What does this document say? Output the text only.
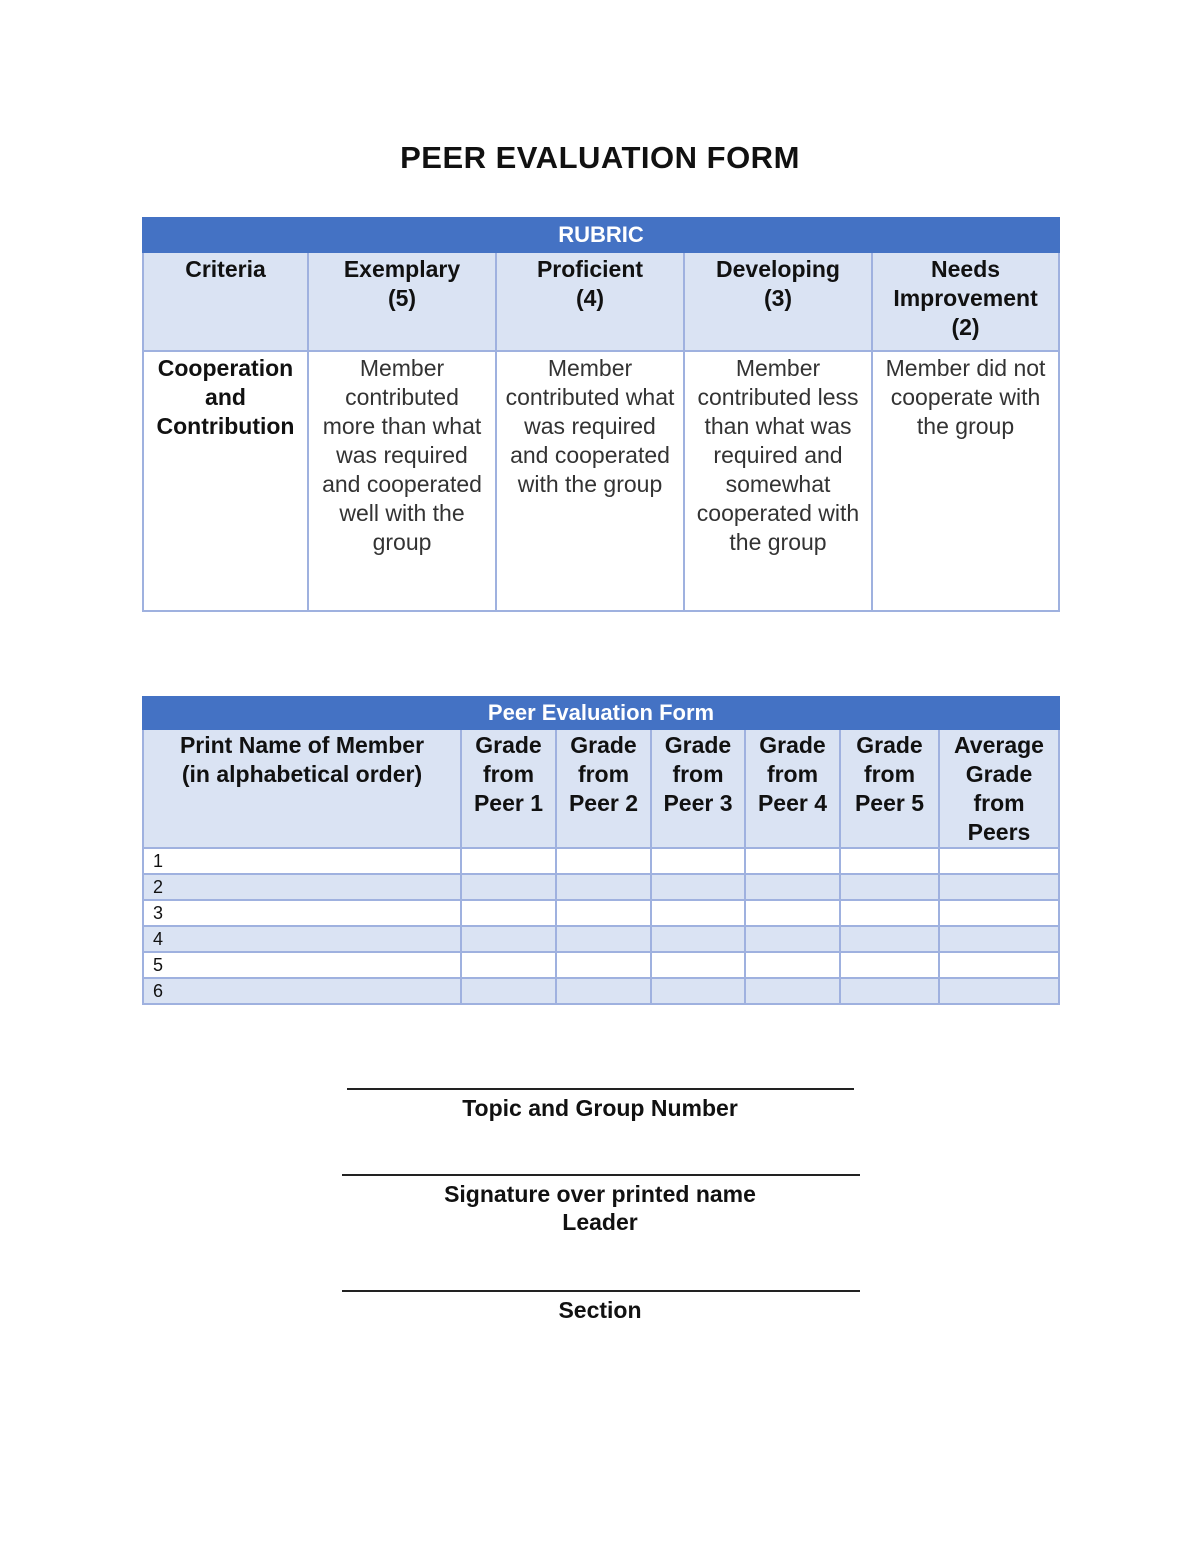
PEER EVALUATION FORM
RUBRIC				
Criteria	Exemplary (5)	Proficient (4)	Developing (3)	Needs Improvement (2)

Cooperation and Contribution	Member contributed more than what was required and cooperated well with the group	Member contributed what was required and cooperated with the group	Member contributed less than what was required and somewhat cooperated with the group	Member did not cooperate with the group
Peer Evaluation Form						

Print Name of Member (in alphabetical order)	Grade from Peer 1	Grade from Peer 2	Grade from Peer 3	Grade from Peer 4	Grade from Peer 5	Average Grade from Peers

1						
2						
3						
4						
5						
6						
Topic and Group Number
Signature over printed name
Leader
Section
